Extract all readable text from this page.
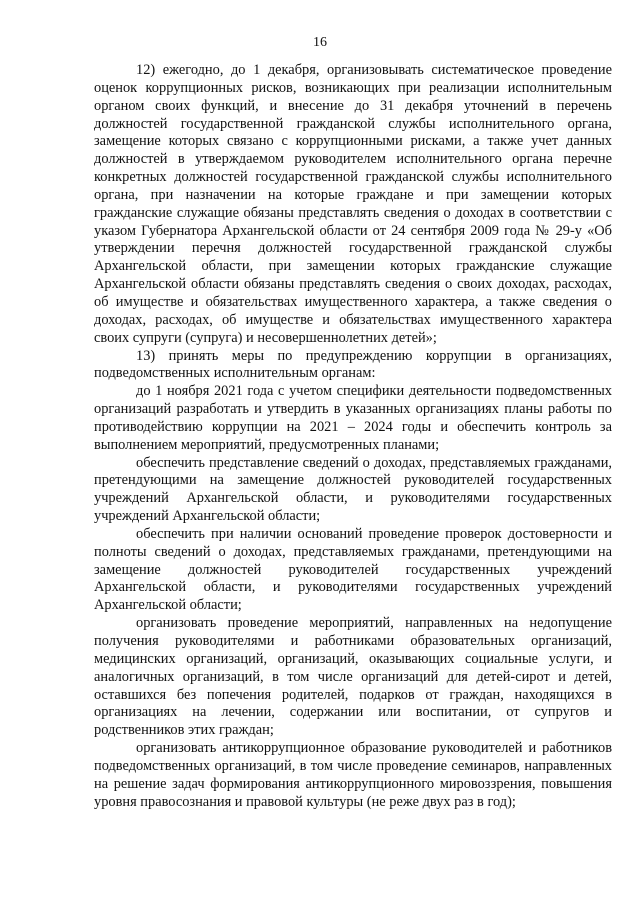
16

12) ежегодно, до 1 декабря, организовывать систематическое проведение оценок коррупционных рисков, возникающих при реализации исполнительным органом своих функций, и внесение до 31 декабря уточнений в перечень должностей государственной гражданской службы исполнительного органа, замещение которых связано с коррупционными рисками, а также учет данных должностей в утверждаемом руководителем исполнительного органа перечне конкретных должностей государственной гражданской службы исполнительного органа, при назначении на которые граждане и при замещении которых гражданские служащие обязаны представлять сведения о доходах в соответствии с указом Губернатора Архангельской области от 24 сентября 2009 года № 29-у «Об утверждении перечня должностей государственной гражданской службы Архангельской области, при замещении которых гражданские служащие Архангельской области обязаны представлять сведения о своих доходах, расходах, об имуществе и обязательствах имущественного характера, а также сведения о доходах, расходах, об имуществе и обязательствах имущественного характера своих супруги (супруга) и несовершеннолетних детей»;

13) принять меры по предупреждению коррупции в организациях, подведомственных исполнительным органам:

до 1 ноября 2021 года с учетом специфики деятельности подведомственных организаций разработать и утвердить в указанных организациях планы работы по противодействию коррупции на 2021 – 2024 годы и обеспечить контроль за выполнением мероприятий, предусмотренных планами;

обеспечить представление сведений о доходах, представляемых гражданами, претендующими на замещение должностей руководителей государственных учреждений Архангельской области, и руководителями государственных учреждений Архангельской области;

обеспечить при наличии оснований проведение проверок достоверности и полноты сведений о доходах, представляемых гражданами, претендующими на замещение должностей руководителей государственных учреждений Архангельской области, и руководителями государственных учреждений Архангельской области;

организовать проведение мероприятий, направленных на недопущение получения руководителями и работниками образовательных организаций, медицинских организаций, организаций, оказывающих социальные услуги, и аналогичных организаций, в том числе организаций для детей-сирот и детей, оставшихся без попечения родителей, подарков от граждан, находящихся в организациях на лечении, содержании или воспитании, от супругов и родственников этих граждан;

организовать антикоррупционное образование руководителей и работников подведомственных организаций, в том числе проведение семинаров, направленных на решение задач формирования антикоррупционного мировоззрения, повышения уровня правосознания и правовой культуры (не реже двух раз в год);
